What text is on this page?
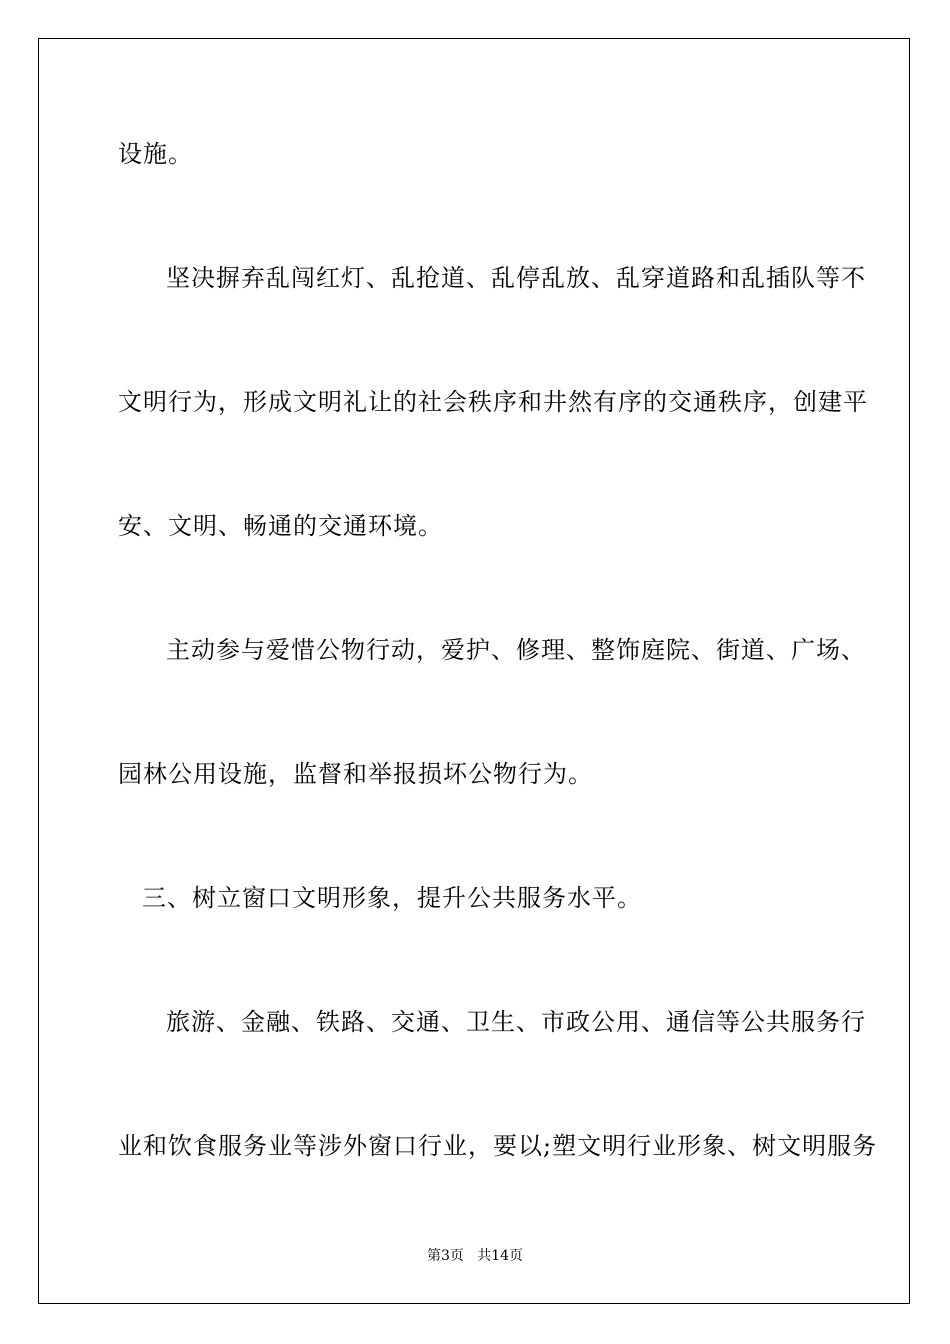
设施。
坚决摒弃乱闯红灯、乱抢道、乱停乱放、乱穿道路和乱插队等不
文明行为，形成文明礼让的社会秩序和井然有序的交通秩序，创建平
安、文明、畅通的交通环境。
主动参与爱惜公物行动，爱护、修理、整饰庭院、街道、广场、
园林公用设施，监督和举报损坏公物行为。
三、树立窗口文明形象，提升公共服务水平。
旅游、金融、铁路、交通、卫生、市政公用、通信等公共服务行
业和饮食服务业等涉外窗口行业，要以;塑文明行业形象、树文明服务
第3页   共14页
